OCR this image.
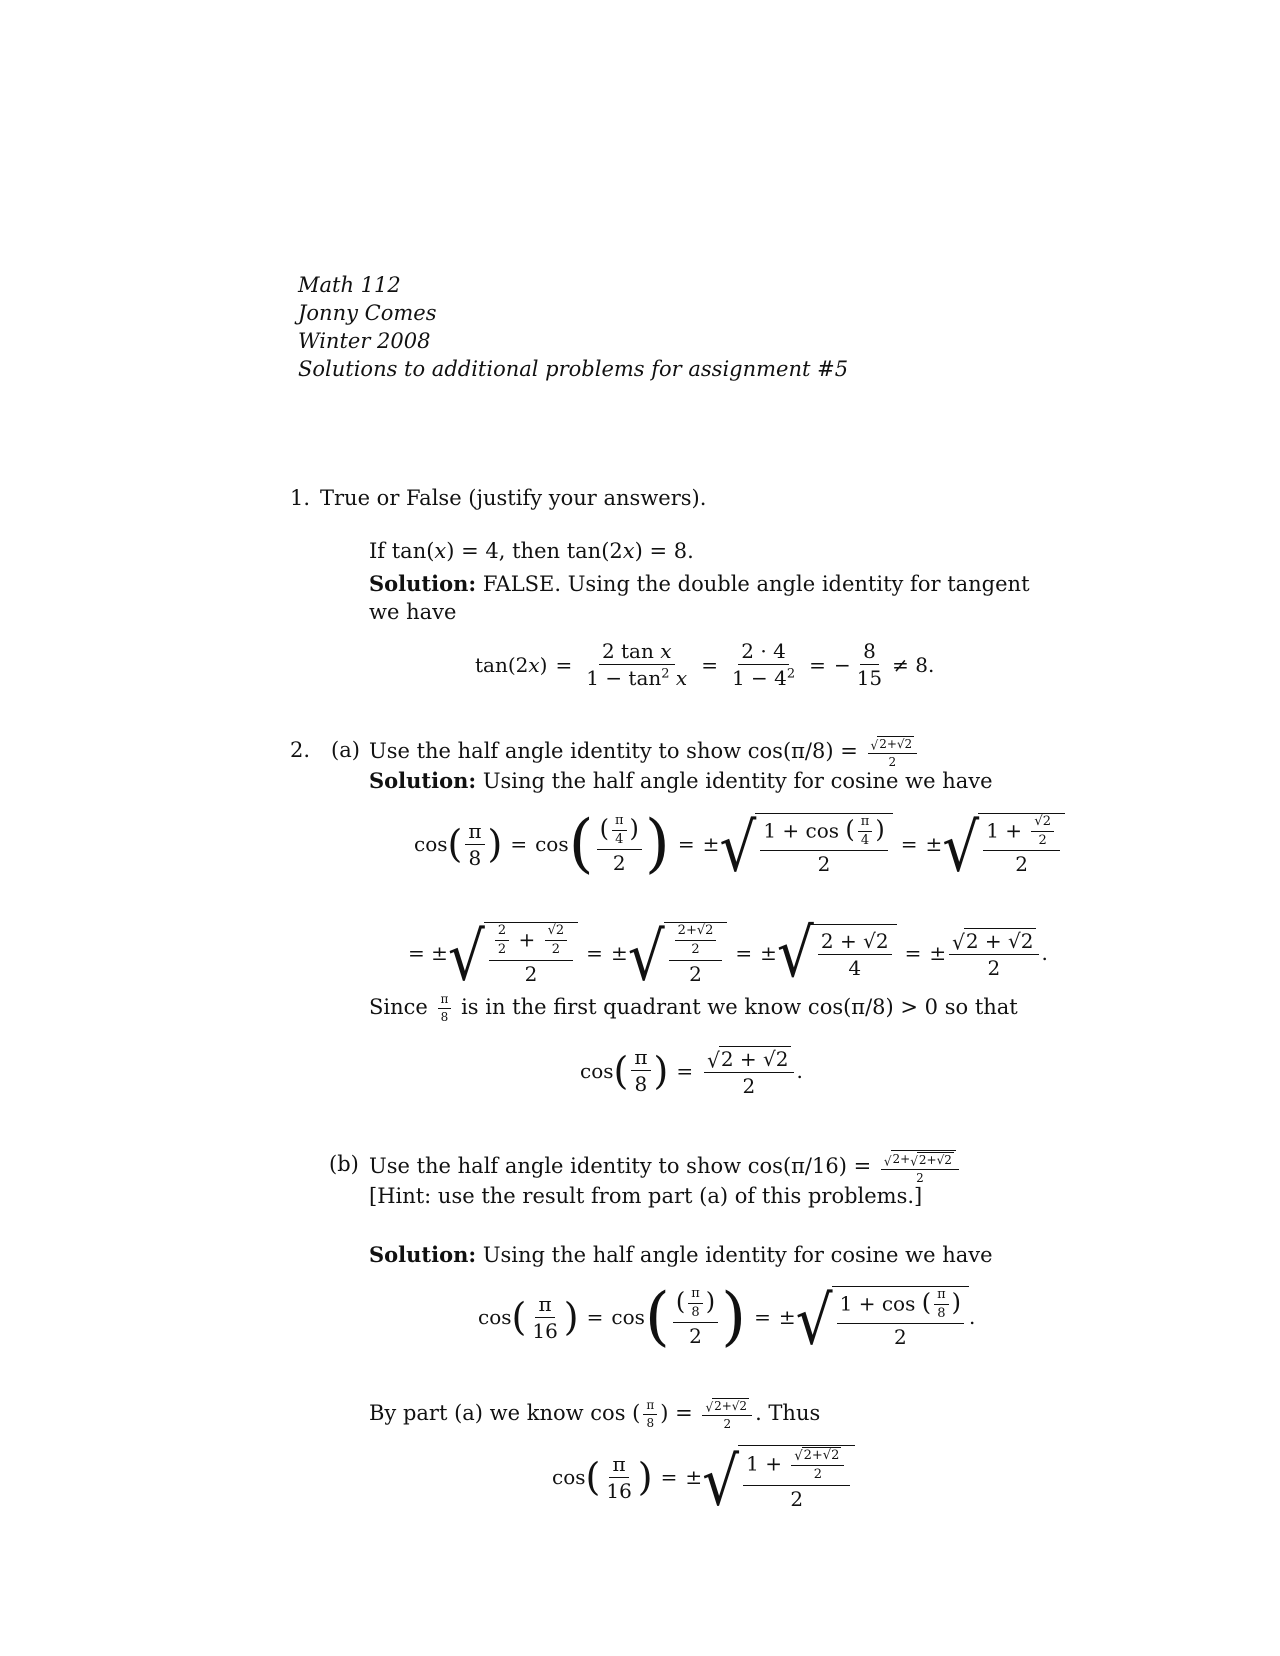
Math 112
Jonny Comes
Winter 2008
Solutions to additional problems for assignment #5
1. True or False (justify your answers).
If tan(x) = 4, then tan(2x) = 8.
Solution: FALSE. Using the double angle identity for tangent
we have
$\tan(2x) = \frac{\text{2 tan x}}{1 - \tan^2 x} = \frac{2 \cdot 4}{1 - 4^2}$ = − $\frac{8}{15} \ne 8$.
2. (a) Use the half angle identity to show $\cos(\pi/8) = \frac{√ 2+√2}{2}$
Solution: Using the half angle identity for cosine we have
cos ( $\frac{\pi}{8}$ ) = cos ( $\frac{( \frac{\pi}{4} )}{2}$ ) = ± √ $\frac{1 + \cos ( \frac{\pi}{4} )}{2}$ = ± √ $\frac{1 + \frac{√2}{2}}{2}$
= ± √ $\frac{\frac{2}{2} + \frac{√2}{2}}{2}$ = ± √ $\frac{\frac{2+√2}{2}}{2}$ = ± √ $\frac{2 + √2}{4}$ = ± $\frac{√ 2 + √2}{2}$ .
Since $\frac{\pi}{8}$ is in the first quadrant we know cos(π/8) > 0 so that
cos ( $\frac{\pi}{8}$ ) = $\frac{√ 2 + √2}{2}$ .
(b) Use the half angle identity to show $\cos(\pi/16) = \frac{√ 2+ √ 2+√2}{2}$
[Hint: use the result from part (a) of this problems.]
Solution: Using the half angle identity for cosine we have
cos ( $\frac{\pi}{16}$ ) = cos ( $\frac{( \frac{\pi}{8} )}{2}$ ) = ± √ $\frac{1 + \cos ( \frac{\pi}{8} )}{2}$ .
By part (a) we know cos ( $\frac{\pi}{8}$ ) = $\frac{√ 2+√2}{2}$ . Thus
cos ( $\frac{\pi}{16}$ ) = ± √ $\frac{1 + \frac{√ 2+√2}{2}}{2}$
